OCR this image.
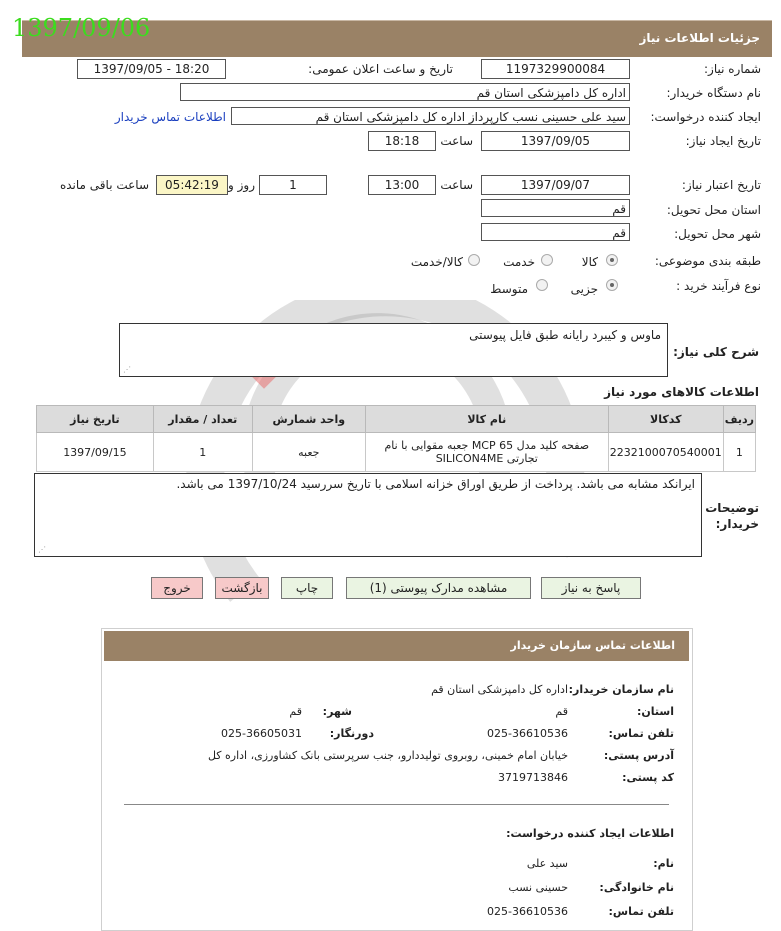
جزئیات اطلاعات نیاز
1397/09/06
شماره نیاز:
1197329900084
تاریخ و ساعت اعلان عمومی:
1397/09/05 - 18:20
نام دستگاه خریدار:
اداره کل دامپزشکی استان قم
ایجاد کننده درخواست:
سید علی حسینی نسب کارپرداز اداره کل دامپزشکی استان قم
اطلاعات تماس خریدار
تاریخ ایجاد نیاز:
1397/09/05
ساعت
18:18
تاریخ اعتبار نیاز:
1397/09/07
ساعت
13:00
1
روز و
05:42:19
ساعت باقی مانده
استان محل تحویل:
قم
شهر محل تحویل:
قم
طبقه بندی موضوعی:
کالا
خدمت
کالا/خدمت
نوع فرآیند خرید :
جزیی
متوسط
شرح کلی نیاز:
ماوس و کیبرد رایانه طبق فایل پیوستی
⋰
اطلاعات کالاهای مورد نیاز
ردیف	کدکالا	نام کالا	واحد شمارش	تعداد / مقدار	تاریخ نیاز
1	2232100070540001	صفحه کلید مدل MCP 65 جعبه مقوایی با نام تجارتی SILICON4ME	جعبه	1	1397/09/15
توضیحات خریدار:
ایرانکد مشابه می باشد. پرداخت از طریق اوراق خزانه اسلامی با تاریخ سررسید 1397/10/24 می باشد.
⋰
پاسخ به نیاز
مشاهده مدارک پیوستی (1)
چاپ
بازگشت
خروج
اطلاعات تماس سازمان خریدار
نام سازمان خریدار:
اداره کل دامپزشکی استان قم
استان:
قم
شهر:
قم
تلفن تماس:
025-36610536
دورنگار:
025-36605031
آدرس پستی:
خیابان امام خمینی، روبروی تولیددارو، جنب سرپرستی بانک کشاورزی، اداره کل
کد پستی:
3719713846
اطلاعات ایجاد کننده درخواست:
نام:
سید علی
نام خانوادگی:
حسینی نسب
تلفن تماس:
025-36610536
